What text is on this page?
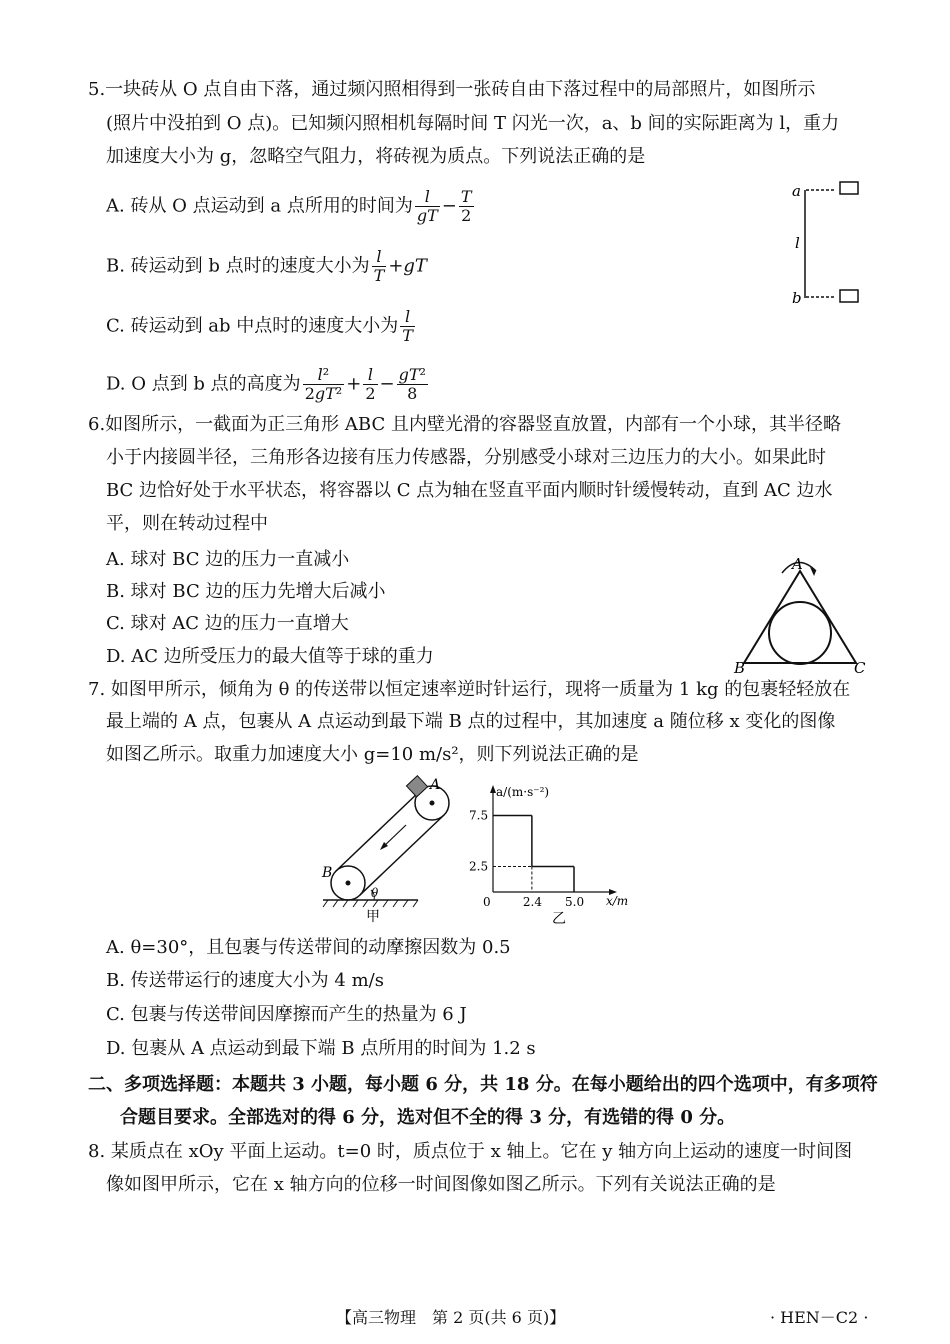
5.一块砖从 O 点自由下落，通过频闪照相得到一张砖自由下落过程中的局部照片，如图所示
(照片中没拍到 O 点)。已知频闪照相机每隔时间 T 闪光一次，a、b 间的实际距离为 l，重力
加速度大小为 g，忽略空气阻力，将砖视为质点。下列说法正确的是
A. 砖从 O 点运动到 a 点所用的时间为 $\frac{l}{gT} - \frac{T}{2}$
B. 砖运动到 b 点时的速度大小为 $\frac{l}{T} +gT$
C. 砖运动到 ab 中点时的速度大小为 $\frac{l}{T}$
D. O 点到 b 点的高度为 $\frac{\text{l²}}{\text{2gT²}} + \frac{l}{2} - \frac{\text{gT²}}{8}$
a
l
b
6.如图所示，一截面为正三角形 ABC 且内壁光滑的容器竖直放置，内部有一个小球，其半径略
小于内接圆半径，三角形各边接有压力传感器，分别感受小球对三边压力的大小。如果此时
BC 边恰好处于水平状态，将容器以 C 点为轴在竖直平面内顺时针缓慢转动，直到 AC 边水
平，则在转动过程中
A. 球对 BC 边的压力一直减小
B. 球对 BC 边的压力先增大后减小
C. 球对 AC 边的压力一直增大
D. AC 边所受压力的最大值等于球的重力
A
B	C
7. 如图甲所示，倾角为 θ 的传送带以恒定速率逆时针运行，现将一质量为 1 kg 的包裹轻轻放在
最上端的 A 点，包裹从 A 点运动到最下端 B 点的过程中，其加速度 a 随位移 x 变化的图像
如图乙所示。取重力加速度大小 g=10 m/s²，则下列说法正确的是
A
B
θ
甲
a/(m·s⁻²)
x/m
2.5
7.5
0	2.4 5.0
乙
A. θ=30°，且包裹与传送带间的动摩擦因数为 0.5
B. 传送带运行的速度大小为 4 m/s
C. 包裹与传送带间因摩擦而产生的热量为 6 J
D. 包裹从 A 点运动到最下端 B 点所用的时间为 1.2 s
二、多项选择题：本题共 3 小题，每小题 6 分，共 18 分。在每小题给出的四个选项中，有多项符
合题目要求。全部选对的得 6 分，选对但不全的得 3 分，有选错的得 0 分。
8. 某质点在 xOy 平面上运动。t=0 时，质点位于 x 轴上。它在 y 轴方向上运动的速度一时间图
像如图甲所示，它在 x 轴方向的位移一时间图像如图乙所示。下列有关说法正确的是
【高三物理　第 2 页(共 6 页)】	· HEN－C2 ·
